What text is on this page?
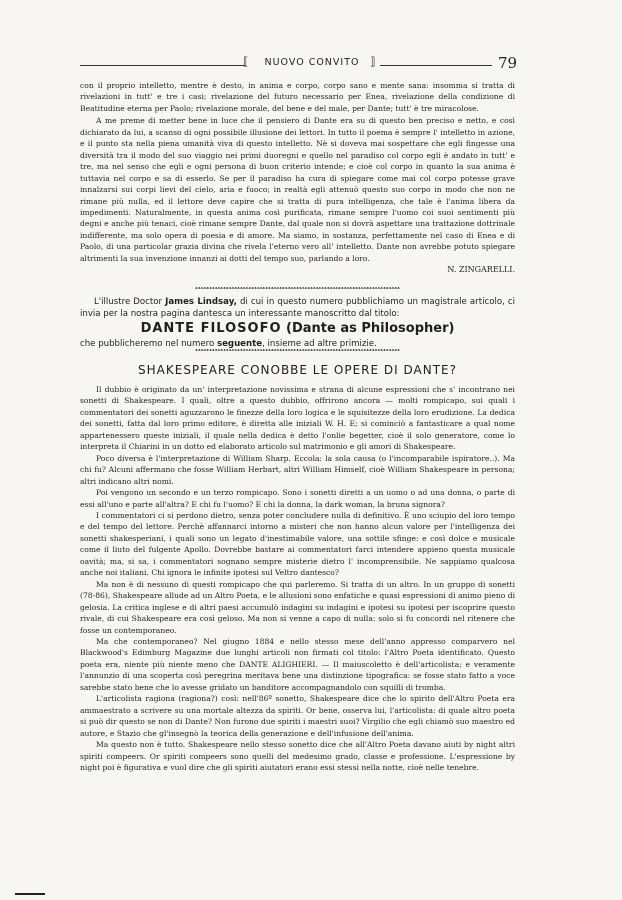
⟦	NUOVO CONVITO ⟧	79

con il proprio intelletto, mentre è desto, in anima e corpo, corpo sano e mente sana: insomma si tratta di rivelazioni in tutt' e tre i casi; rivelazione del futuro necessario per Enea, rivelazione della condizione di Beatitudine eterna per Paolo; rivelazione morale, del bene e del male, per Dante; tutt' è tre miracolose.

A me preme di metter bene in luce che il pensiero di Dante era su di questo ben preciso e netto, e così dichiarato da lui, a scanso di ogni possibile illusione dei lettori. In tutto il poema è sempre l' intelletto in azione, e il punto sta nella piena umanità viva di questo intelletto. Nè si doveva mai sospettare che egli fingesse una diversità tra il modo del suo viaggio nei primi duoregni e quello nel paradiso col corpo egli è andato in tutt' e tre, ma nel senso che egli e ogni persona di buon criterio intende; e cioè col corpo in quanto la sua anima è tuttavia nel corpo e sa di esserlo. Se per il paradiso ha cura di spiegare come mai col corpo potesse grave innalzarsi sui corpi lievi del cielo, aria e fuoco; in realtà egli attenuò questo suo corpo in modo che non ne rimane più nulla, ed il lettore deve capire che si tratta di pura intelligenza, che tale è l'anima libera da impedimenti. Naturalmente, in questa anima così purificata, rimane sempre l'uomo coi suoi sentimenti più degni e anche più tenaci, cioè rimane sempre Dante, dal quale non si dovrà aspettare una trattazione dottrinale indifferente, ma solo opera di poesia e di amore. Ma siamo, in sostanza, perfettamente nel caso di Enea e di Paolo, di una particolar grazia divina che rivela l'eterno vero all' intelletto. Dante non avrebbe potuto spiegare altrimenti la sua invenzione innanzi ai dotti del tempo suo, parlando a loro.

N. ZINGARELLI.

ᵜᵜᵜᵜᵜᵜᵜᵜᵜᵜᵜᵜᵜᵜᵜᵜᵜᵜᵜᵜᵜᵜᵜᵜᵜᵜᵜᵜᵜᵜᵜᵜᵜᵜᵜᵜᵜᵜᵜᵜᵜᵜᵜᵜᵜᵜᵜᵜᵜᵜᵜᵜᵜᵜᵜᵜᵜᵜᵜᵜᵜᵜᵜᵜᵜᵜᵜᵜᵜᵜᵜᵜᵜ

L'illustre Doctor James Lindsay, di cui in questo numero pubblichiamo un magistrale articolo, ci invia per la nostra pagina dantesca un interessante manoscritto dal titolo:

DANTE FILOSOFO (Dante as Philosopher)

che pubblicheremo nel numero seguente, insieme ad altre primizie.

ᵜᵜᵜᵜᵜᵜᵜᵜᵜᵜᵜᵜᵜᵜᵜᵜᵜᵜᵜᵜᵜᵜᵜᵜᵜᵜᵜᵜᵜᵜᵜᵜᵜᵜᵜᵜᵜᵜᵜᵜᵜᵜᵜᵜᵜᵜᵜᵜᵜᵜᵜᵜᵜᵜᵜᵜᵜᵜᵜᵜᵜᵜᵜᵜᵜᵜᵜᵜᵜᵜᵜᵜᵜ
SHAKESPEARE CONOBBE LE OPERE DI DANTE?

Il dubbio è originato da un' interpretazione novissima e strana di alcune espressioni che s' incontrano nei sonetti di Shakespeare. I quali, oltre a questo dubbio, offrirono ancora — molti rompicapo, sui quali i commentatori dei sonetti aguzzarono le finezze della loro logica e le squisitezze della loro erudizione. La dedica dei sonetti, fatta dal loro primo editore, è diretta alle iniziali W. H. E; si cominciò a fantasticare a qual nome appartenessero queste iniziali, il quale nella dedica è detto l'onlie begetter, cioè il solo generatore, come lo interpreta il Chiarini in un dotto ed elaborato articolo sul matrimonio e gli amori di Shakespeare.

Poco diversa è l'interpretazione di William Sharp. Eccola: la sola causa (o l'incomparabile ispiratore..). Ma chi fu? Alcuni affermano che fosse William Herbart, altri William Himself, cioè William Shakespeare in persona; altri indicano altri nomi.

Poi vengono un secondo e un terzo rompicapo. Sono i sonetti diretti a un uomo o ad una donna, o parte di essi all'uno e parte all'altra? E chi fu l'uomo? E chi la donna, la dark woman, la bruna signora?

I commentatori ci si perdono dietro, senza poter concludere nulla di definitivo. È uno sciupio del loro tempo e del tempo del lettore. Perchè affannarci intorno a misteri che non hanno alcun valore per l'intelligenza dei sonetti shakesperiani, i quali sono un legato d'inestimabile valore, una sottile sfinge: e così dolce e musicale come il liuto del fulgente Apollo. Dovrebbe bastare ai commentatori farci intendere appieno questa musicale oavità; ma, si sa, i commentatori sognano sempre misterie dietro l' incomprensibile. Ne sappiamo qualcosa anche noi italiani. Chi ignora le infinite ipotesi sul Veltro dantesco?

Ma non è di nessuno di questi rompicapo che qui parleremo. Si tratta di un altro. In un gruppo di sonetti (78-86), Shakespeare allude ad un Altro Poeta, e le allusioni sono enfatiche e quasi espressioni di animo pieno di gelosia. La critica inglese e di altri paesi accumulò indagini su indagini e ipotesi su ipotesi per iscoprire questo rivale, di cui Shakespeare era così geloso. Ma non si venne a capo di nulla: solo si fu concordi nel ritenere che fosse un contemporaneo.

Ma che contemporaneo? Nel giugno 1884 e nello stesso mese dell'anno appresso comparvero nel Blackwood's Edimburg Magazine due lunghi articoli non firmati col titolo: l'Altro Poeta identificato. Questo poeta era, niente più niente meno che DANTE ALIGHIERI. — Il maiuscoletto è dell'articolista; e veramente l'annunzio di una scoperta così peregrina meritava bene una distinzione tipografica: se fosse stato fatto a voce sarebbe stato bene che lo avesse gridato un banditore accompagnandolo con squilli di tromba.

L'articolista ragiona (ragiona?) così: nell'86º sonetto, Shakespeare dice che lo spirito dell'Altro Poeta era ammaestrato a scrivere su una mortale altezza da spiriti. Or bene, osserva lui, l'articolista: di quale altro poeta si può dir questo se non di Dante? Non furono due spiriti i maestri suoi? Virgilio che egli chiamò suo maestro ed autore, e Stazio che gl'insegnò la teorica della generazione e dell'infusione dell'anima.

Ma questo non è tutto. Shakespeare nello stesso sonetto dice che all'Altro Poeta davano aiuti by night altri spiriti compeers. Or spiriti compeers sono quelli del medesimo grado, classe e professione. L'espressione by night poi è figurativa e vuol dire che gli spiriti aiutatori erano essi stessi nella notte, cioè nelle tenebre.
